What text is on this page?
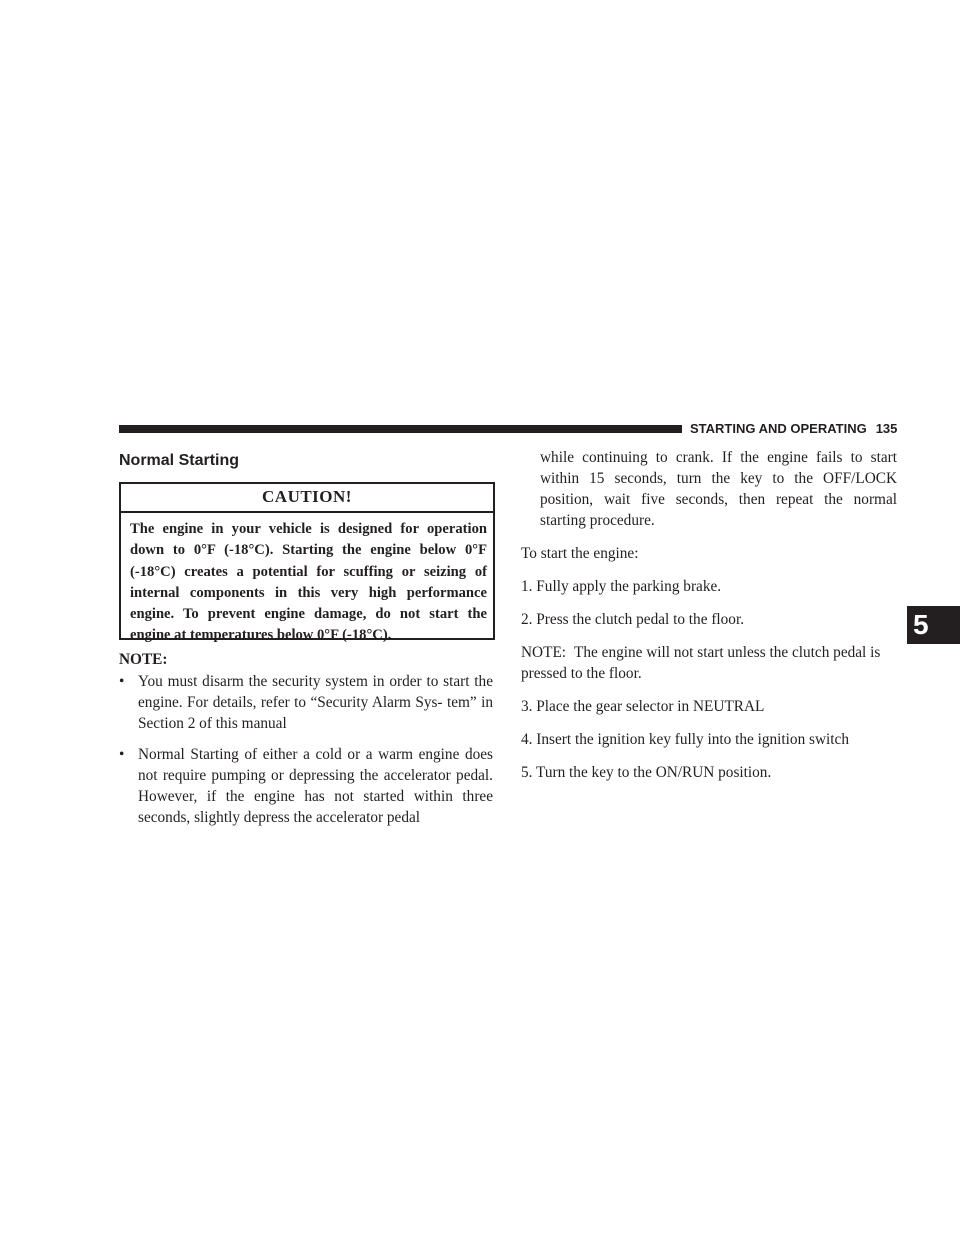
STARTING AND OPERATING 135
Normal Starting
CAUTION!
The engine in your vehicle is designed for operation down to 0°F (-18°C). Starting the engine below 0°F (-18°C) creates a potential for scuffing or seizing of internal components in this very high performance engine. To prevent engine damage, do not start the engine at temperatures below 0°F (-18°C).
NOTE:
• You must disarm the security system in order to start the engine. For details, refer to “Security Alarm Sys- tem” in Section 2 of this manual
• Normal Starting of either a cold or a warm engine does not require pumping or depressing the accelerator pedal. However, if the engine has not started within three seconds, slightly depress the accelerator pedal

while continuing to crank. If the engine fails to start within 15 seconds, turn the key to the OFF/LOCK position, wait five seconds, then repeat the normal starting procedure.

To start the engine:

1. Fully apply the parking brake.

2. Press the clutch pedal to the floor.

NOTE: The engine will not start unless the clutch pedal is pressed to the floor.

3. Place the gear selector in NEUTRAL

4. Insert the ignition key fully into the ignition switch

5. Turn the key to the ON/RUN position.

5
